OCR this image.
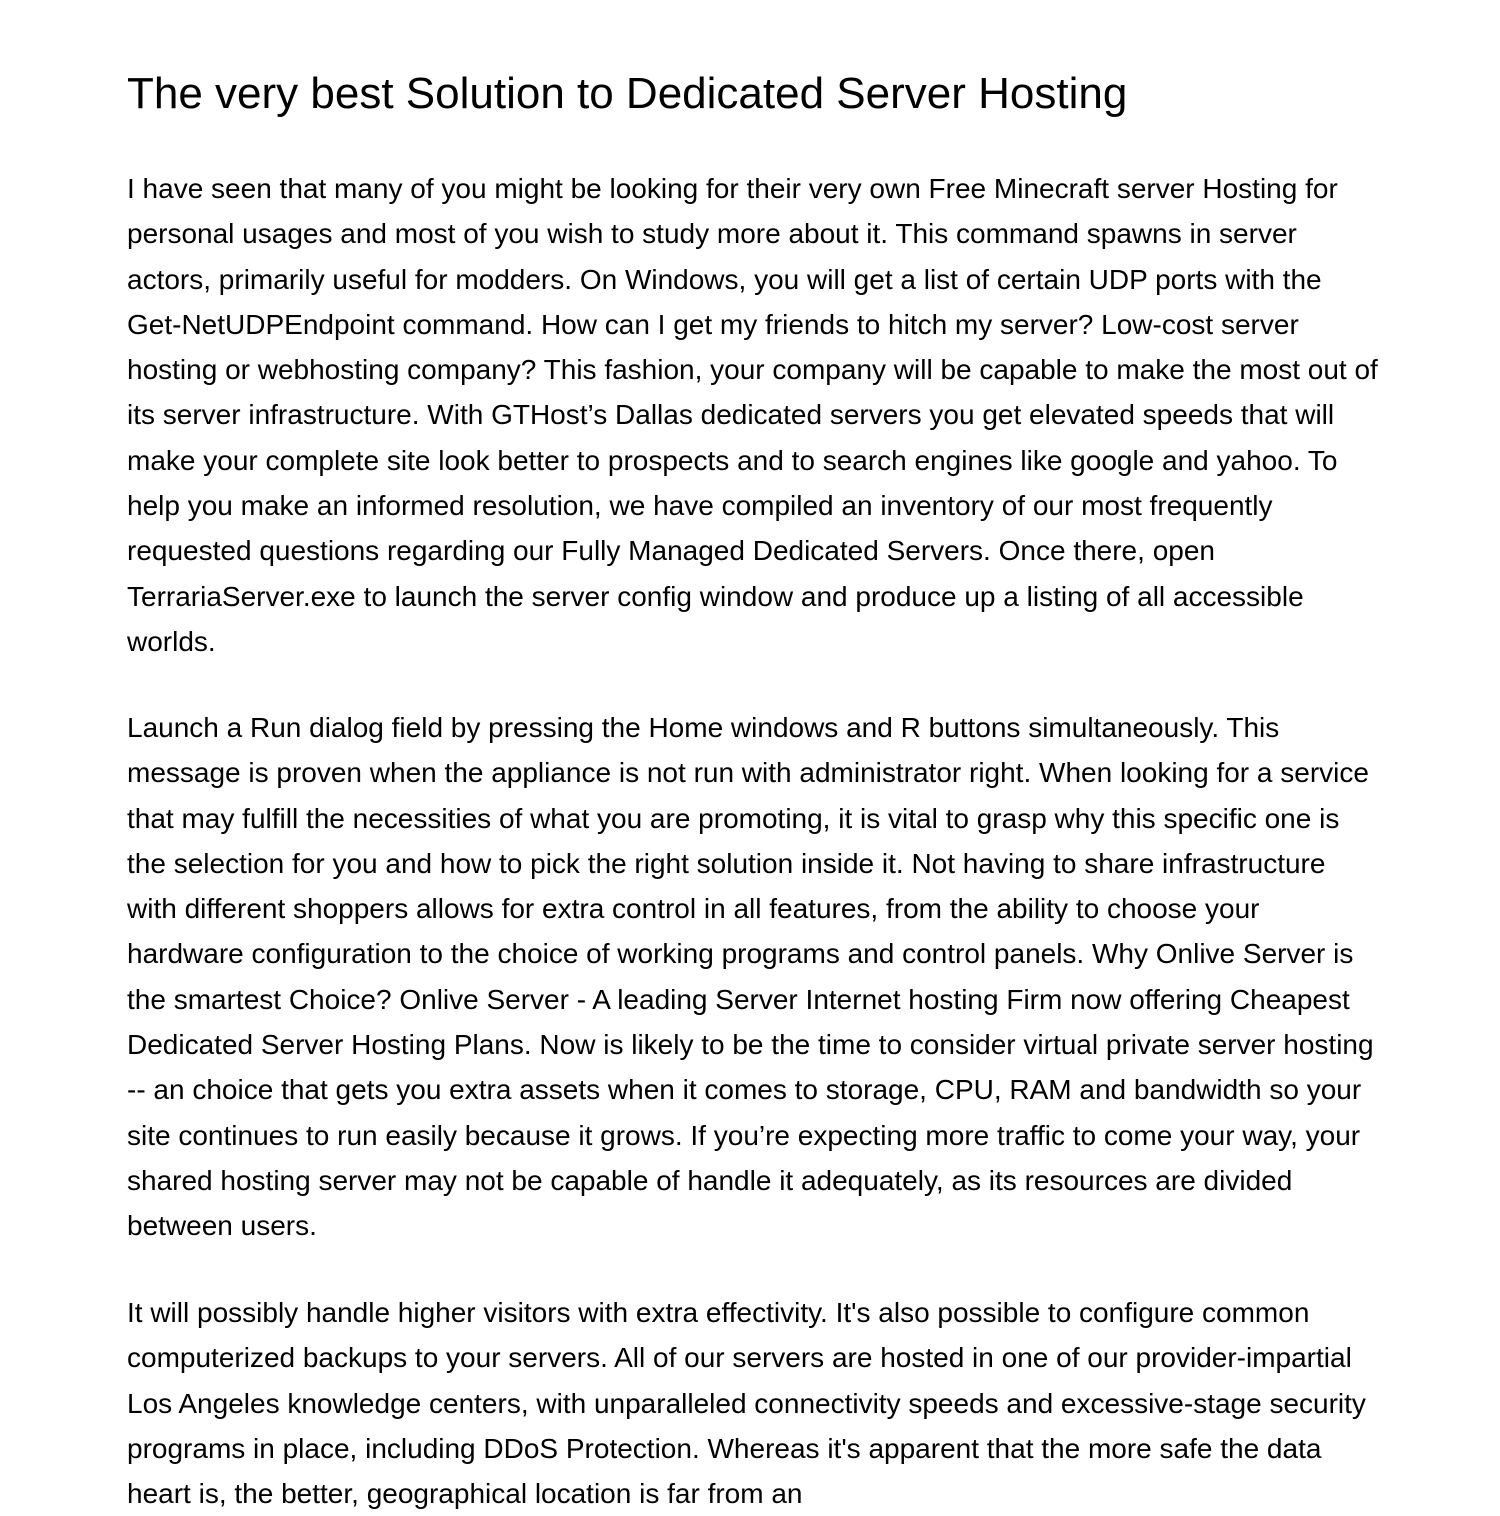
The very best Solution to Dedicated Server Hosting

I have seen that many of you might be looking for their very own Free Minecraft server Hosting for personal usages and most of you wish to study more about it. This command spawns in server actors, primarily useful for modders. On Windows, you will get a list of certain UDP ports with the Get-NetUDPEndpoint command. How can I get my friends to hitch my server? Low-cost server hosting or webhosting company? This fashion, your company will be capable to make the most out of its server infrastructure. With GTHost’s Dallas dedicated servers you get elevated speeds that will make your complete site look better to prospects and to search engines like google and yahoo. To help you make an informed resolution, we have compiled an inventory of our most frequently requested questions regarding our Fully Managed Dedicated Servers. Once there, open TerrariaServer.exe to launch the server config window and produce up a listing of all accessible worlds.

Launch a Run dialog field by pressing the Home windows and R buttons simultaneously. This message is proven when the appliance is not run with administrator right. When looking for a service that may fulfill the necessities of what you are promoting, it is vital to grasp why this specific one is the selection for you and how to pick the right solution inside it. Not having to share infrastructure with different shoppers allows for extra control in all features, from the ability to choose your hardware configuration to the choice of working programs and control panels. Why Onlive Server is the smartest Choice? Onlive Server - A leading Server Internet hosting Firm now offering Cheapest Dedicated Server Hosting Plans. Now is likely to be the time to consider virtual private server hosting -- an choice that gets you extra assets when it comes to storage, CPU, RAM and bandwidth so your site continues to run easily because it grows. If you’re expecting more traffic to come your way, your shared hosting server may not be capable of handle it adequately, as its resources are divided between users.

It will possibly handle higher visitors with extra effectivity. It's also possible to configure common computerized backups to your servers. All of our servers are hosted in one of our provider-impartial Los Angeles knowledge centers, with unparalleled connectivity speeds and excessive-stage security programs in place, including DDoS Protection. Whereas it's apparent that the more safe the data heart is, the better, geographical location is far from an
